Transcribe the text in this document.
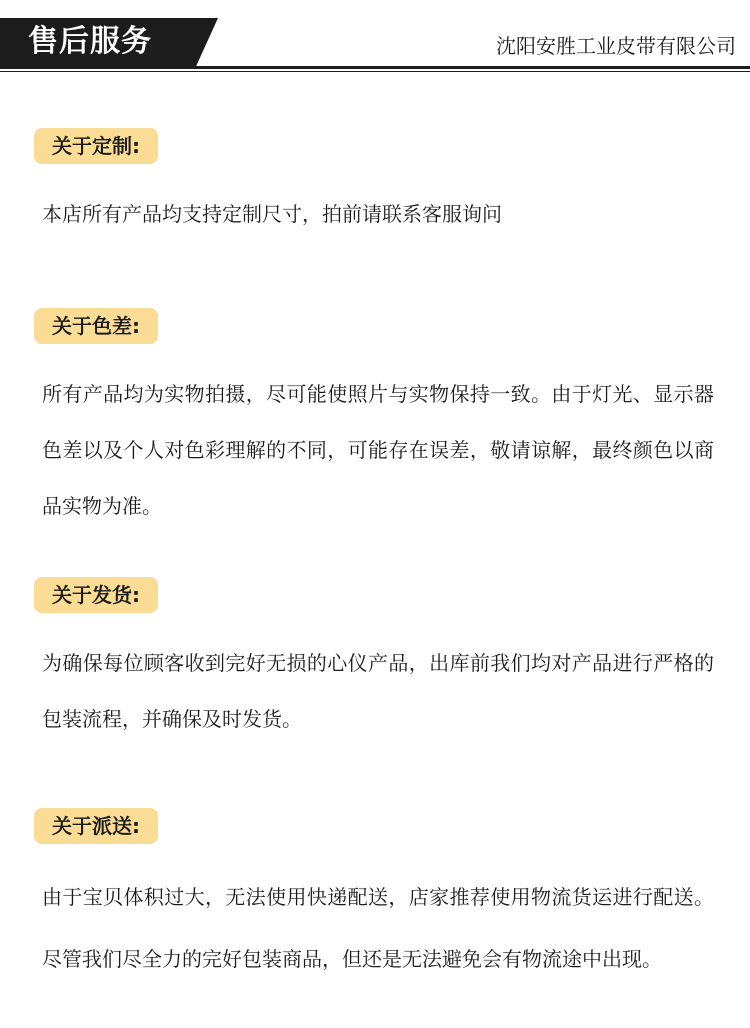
售后服务	沈阳安胜工业皮带有限公司
关于定制:
本店所有产品均支持定制尺寸，拍前请联系客服询问
关于色差:
所有产品均为实物拍摄，尽可能使照片与实物保持一致。由于灯光、显示器色差以及个人对色彩理解的不同，可能存在误差，敬请谅解，最终颜色以商品实物为准。
关于发货:
为确保每位顾客收到完好无损的心仪产品，出库前我们均对产品进行严格的包装流程，并确保及时发货。
关于派送:
由于宝贝体积过大，无法使用快递配送，店家推荐使用物流货运进行配送。尽管我们尽全力的完好包装商品，但还是无法避免会有物流途中出现。
